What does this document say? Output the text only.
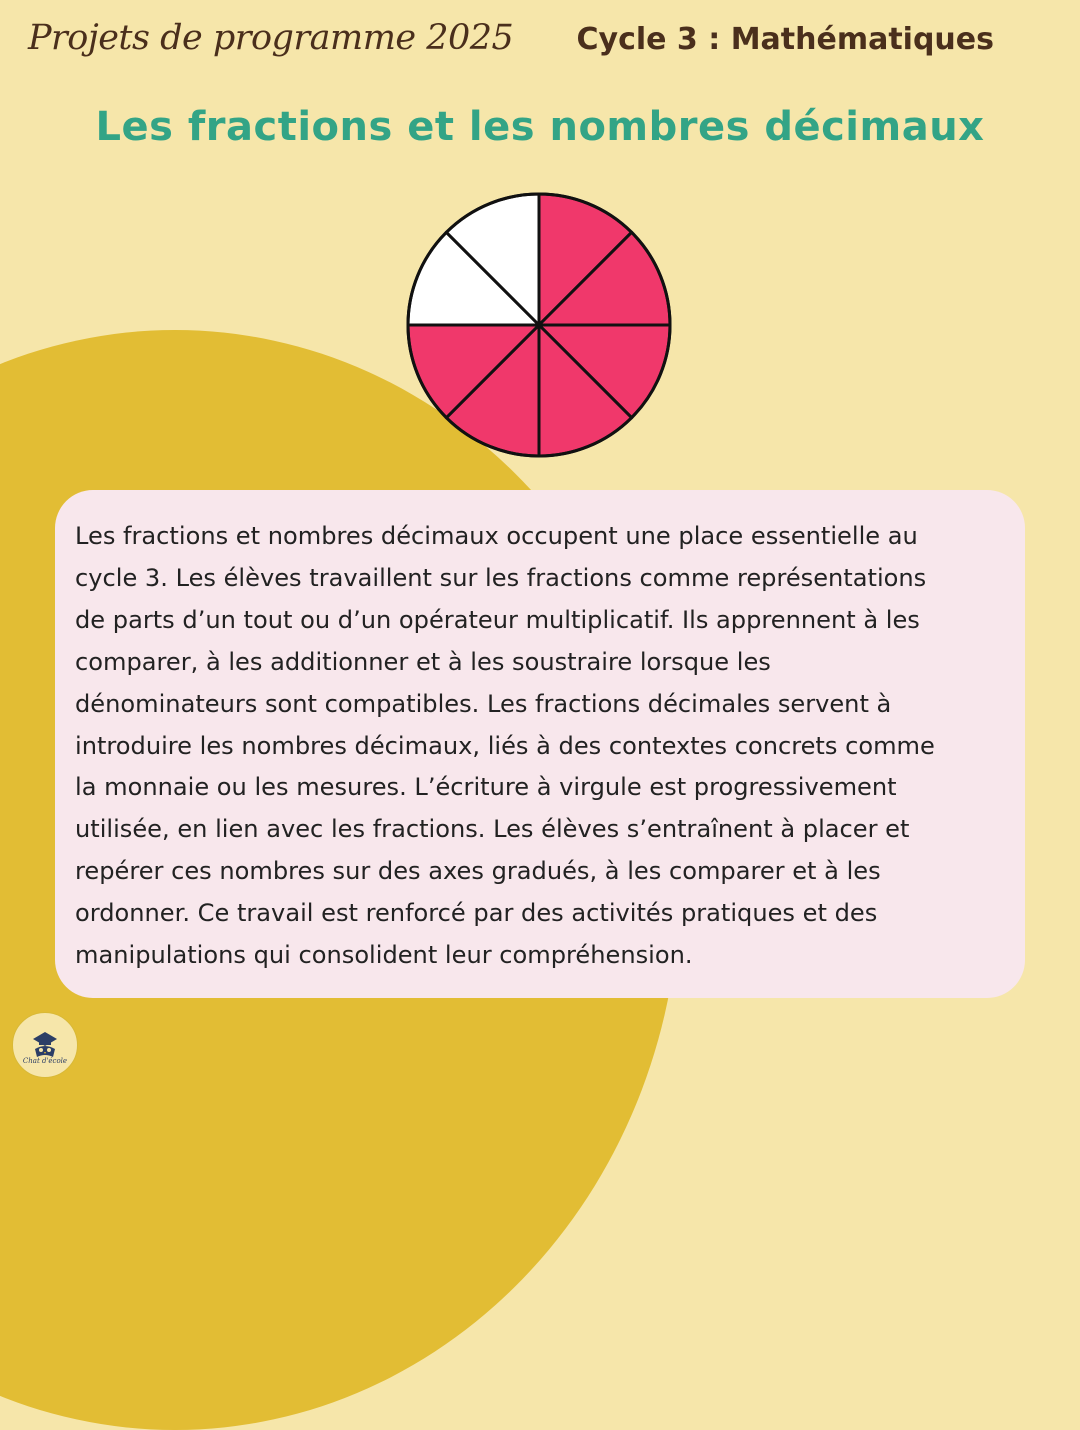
Projets de programme 2025 Cycle 3 : Mathématiques
Les fractions et les nombres décimaux

Les fractions et nombres décimaux occupent une place essentielle au
cycle 3. Les élèves travaillent sur les fractions comme représentations
de parts d’un tout ou d’un opérateur multiplicatif. Ils apprennent à les
comparer, à les additionner et à les soustraire lorsque les
dénominateurs sont compatibles. Les fractions décimales servent à
introduire les nombres décimaux, liés à des contextes concrets comme
la monnaie ou les mesures. L’écriture à virgule est progressivement
utilisée, en lien avec les fractions. Les élèves s’entraînent à placer et
repérer ces nombres sur des axes gradués, à les comparer et à les
ordonner. Ce travail est renforcé par des activités pratiques et des
manipulations qui consolident leur compréhension.

Chat d'école
